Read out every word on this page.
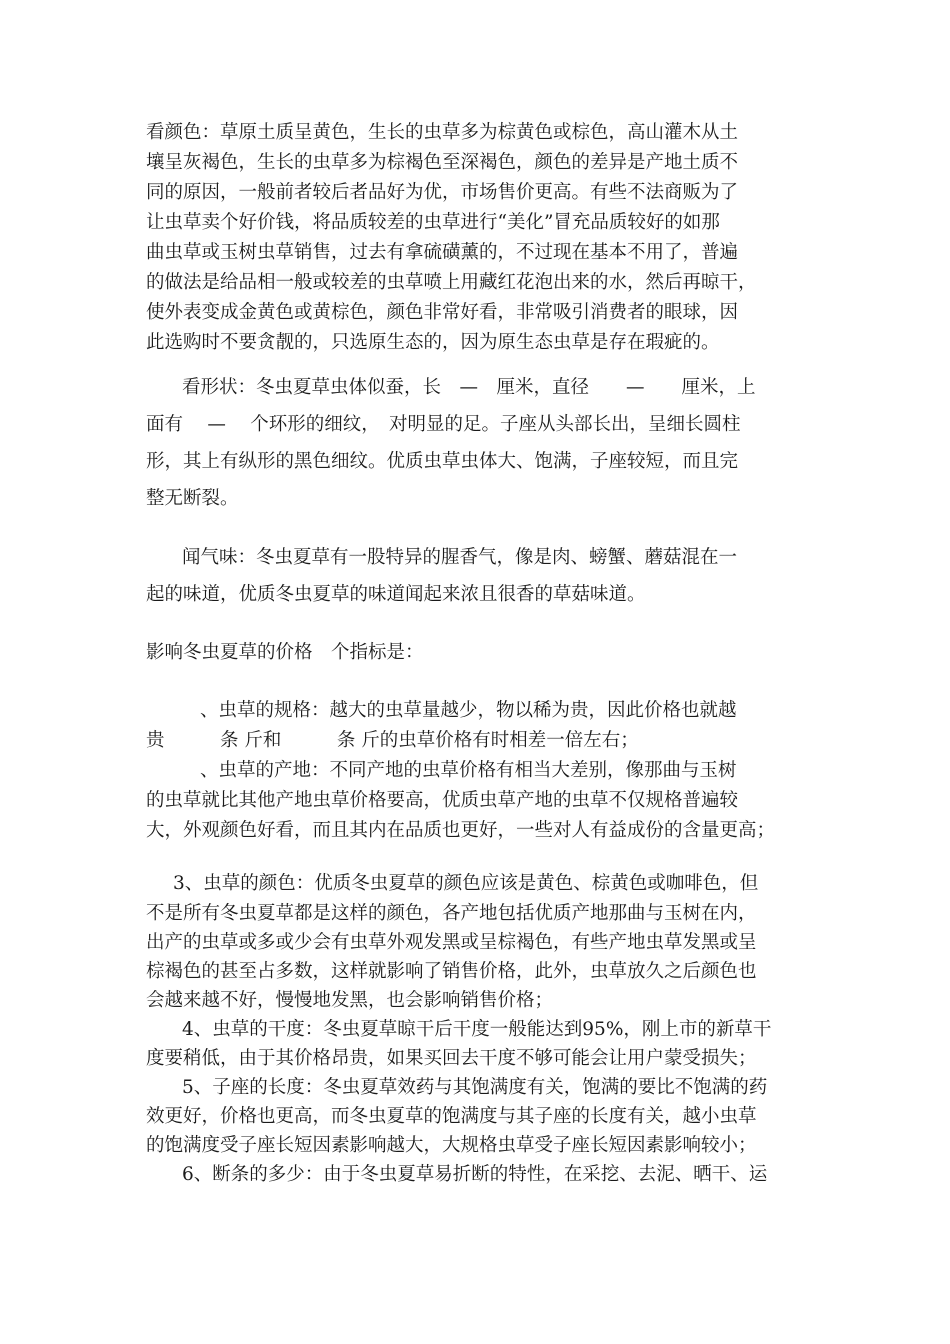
看颜色：草原土质呈黄色，生长的虫草多为棕黄色或棕色，高山灌木从土
壤呈灰褐色，生长的虫草多为棕褐色至深褐色，颜色的差异是产地土质不
同的原因，一般前者较后者品好为优，市场售价更高。有些不法商贩为了
让虫草卖个好价钱，将品质较差的虫草进行“美化”冒充品质较好的如那
曲虫草或玉树虫草销售，过去有拿硫磺薰的，不过现在基本不用了，普遍
的做法是给品相一般或较差的虫草喷上用藏红花泡出来的水，然后再晾干，
使外表变成金黄色或黄棕色，颜色非常好看，非常吸引消费者的眼球，因
此选购时不要贪靓的，只选原生态的，因为原生态虫草是存在瑕疵的。
看形状：冬虫夏草虫体似蚕，长　—　厘米，直径　　—　　厘米，上
面有　 —　 个环形的细纹，　对明显的足。子座从头部长出，呈细长圆柱
形，其上有纵形的黑色细纹。优质虫草虫体大、饱满，子座较短，而且完
整无断裂。
闻气味：冬虫夏草有一股特异的腥香气，像是肉、螃蟹、蘑菇混在一
起的味道，优质冬虫夏草的味道闻起来浓且很香的草菇味道。
影响冬虫夏草的价格　个指标是：
、虫草的规格：越大的虫草量越少，物以稀为贵，因此价格也就越
贵　　　条 斤和　　　条 斤的虫草价格有时相差一倍左右；
、虫草的产地：不同产地的虫草价格有相当大差别，像那曲与玉树
的虫草就比其他产地虫草价格要高，优质虫草产地的虫草不仅规格普遍较
大，外观颜色好看，而且其内在品质也更好，一些对人有益成份的含量更高；
3、虫草的颜色：优质冬虫夏草的颜色应该是黄色、棕黄色或咖啡色，但
不是所有冬虫夏草都是这样的颜色，各产地包括优质产地那曲与玉树在内，
出产的虫草或多或少会有虫草外观发黑或呈棕褐色，有些产地虫草发黑或呈
棕褐色的甚至占多数，这样就影响了销售价格，此外，虫草放久之后颜色也
会越来越不好，慢慢地发黑，也会影响销售价格；
4、虫草的干度：冬虫夏草晾干后干度一般能达到95%，刚上市的新草干
度要稍低，由于其价格昂贵，如果买回去干度不够可能会让用户蒙受损失；
5、子座的长度：冬虫夏草效药与其饱满度有关，饱满的要比不饱满的药
效更好，价格也更高，而冬虫夏草的饱满度与其子座的长度有关，越小虫草
的饱满度受子座长短因素影响越大，大规格虫草受子座长短因素影响较小；
6、断条的多少：由于冬虫夏草易折断的特性，在采挖、去泥、晒干、运
